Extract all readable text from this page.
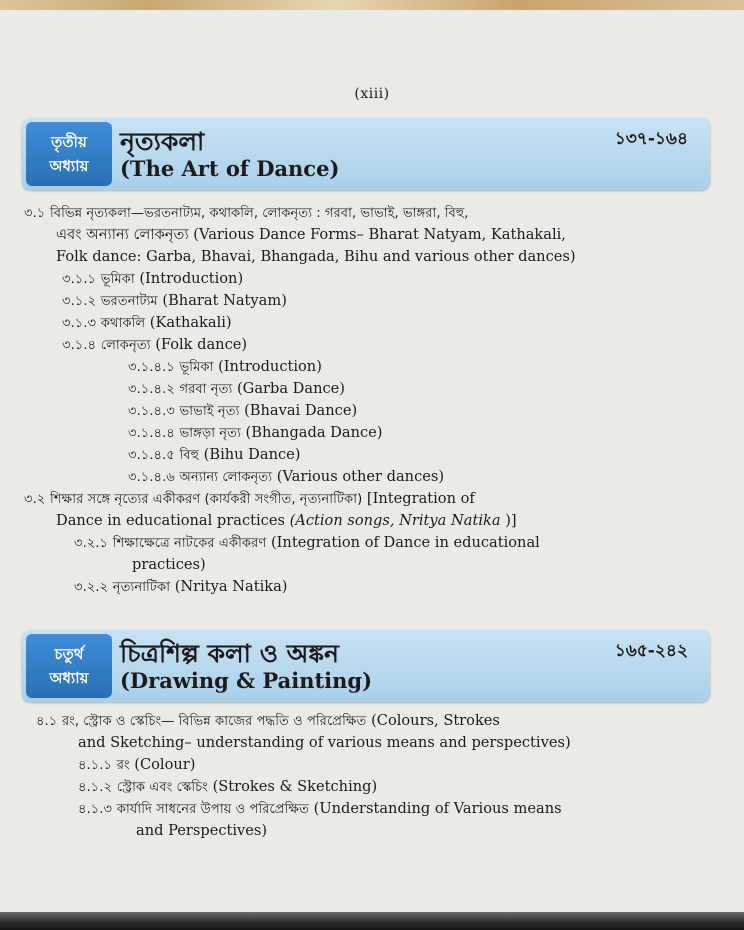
(xiii)
তৃতীয়
অধ্যায়
নৃত্যকলা
(The Art of Dance)
১৩৭-১৬৪
৩.১ বিভিন্ন নৃত্যকলা—ভরতনাট্যম, কথাকলি, লোকনৃত্য : গরবা, ভাভাই, ভাঙ্গরা, বিহু,
এবং অন্যান্য লোকনৃত্য (Various Dance Forms– Bharat Natyam, Kathakali,
Folk dance: Garba, Bhavai, Bhangada, Bihu and various other dances)
৩.১.১ ভূমিকা (Introduction)
৩.১.২ ভরতনাট্যম (Bharat Natyam)
৩.১.৩ কথাকলি (Kathakali)
৩.১.৪ লোকনৃত্য (Folk dance)
৩.১.৪.১ ভূমিকা (Introduction)
৩.১.৪.২ গরবা নৃত্য (Garba Dance)
৩.১.৪.৩ ভাভাই নৃত্য (Bhavai Dance)
৩.১.৪.৪ ভাঙ্গড়া নৃত্য (Bhangada Dance)
৩.১.৪.৫ বিহু (Bihu Dance)
৩.১.৪.৬ অন্যান্য লোকনৃত্য (Various other dances)
৩.২ শিক্ষার সঙ্গে নৃত্যের একীকরণ (কার্যকরী সংগীত, নৃত্যনাটিকা) [Integration of
Dance in educational practices (Action songs, Nritya Natika )]
৩.২.১ শিক্ষাক্ষেত্রে নাটকের একীকরণ (Integration of Dance in educational
practices)
৩.২.২ নৃত্যনাটিকা (Nritya Natika)
চতুর্থ
অধ্যায়
চিত্রশিল্প কলা ও অঙ্কন
(Drawing & Painting)
১৬৫-২৪২
৪.১ রং, স্ট্রোক ও স্কেচিং— বিভিন্ন কাজের পদ্ধতি ও পরিপ্রেক্ষিত (Colours, Strokes
and Sketching– understanding of various means and perspectives)
৪.১.১ রং (Colour)
৪.১.২ স্ট্রোক এবং স্কেচিং (Strokes & Sketching)
৪.১.৩ কার্যাদি সাধনের উপায় ও পরিপ্রেক্ষিত (Understanding of Various means
and Perspectives)
